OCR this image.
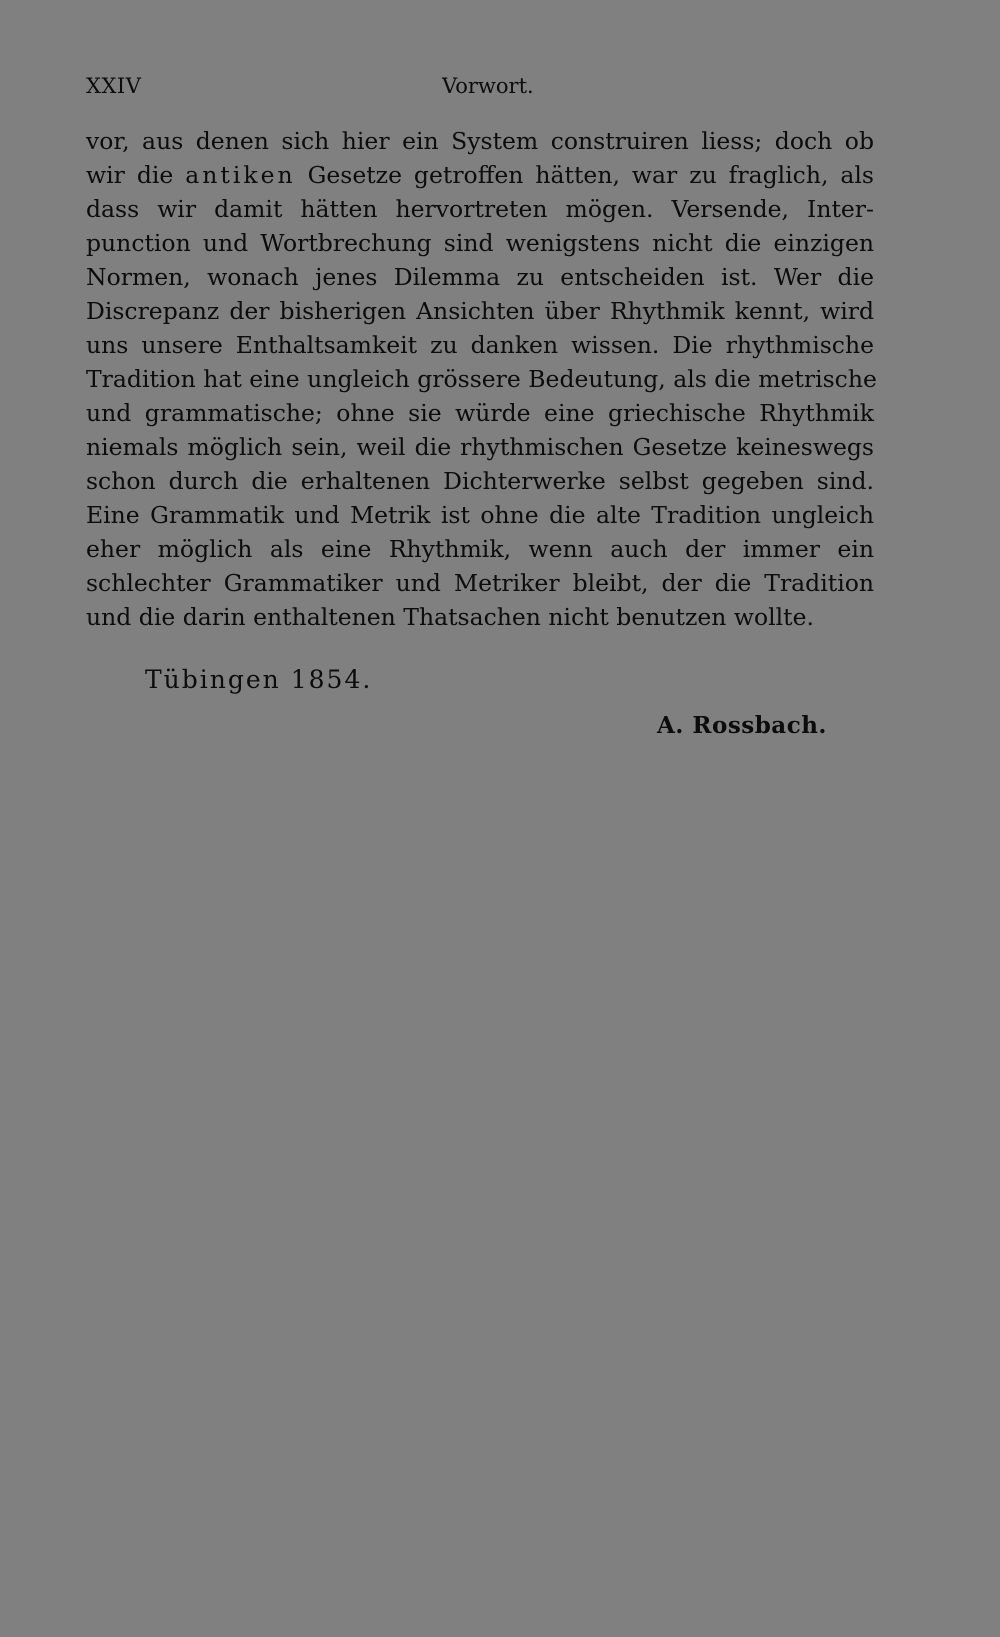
XXIV	Vorwort.
vor, aus denen sich hier ein System construiren liess; doch ob
wir die antiken Gesetze getroffen hätten, war zu fraglich, als
dass wir damit hätten hervortreten mögen. Versende, Inter-
punction und Wortbrechung sind wenigstens nicht die einzigen
Normen, wonach jenes Dilemma zu entscheiden ist. Wer die
Discrepanz der bisherigen Ansichten über Rhythmik kennt, wird
uns unsere Enthaltsamkeit zu danken wissen. Die rhythmische
Tradition hat eine ungleich grössere Bedeutung, als die metrische
und grammatische; ohne sie würde eine griechische Rhythmik
niemals möglich sein, weil die rhythmischen Gesetze keineswegs
schon durch die erhaltenen Dichterwerke selbst gegeben sind.
Eine Grammatik und Metrik ist ohne die alte Tradition ungleich
eher möglich als eine Rhythmik, wenn auch der immer ein
schlechter Grammatiker und Metriker bleibt, der die Tradition
und die darin enthaltenen Thatsachen nicht benutzen wollte.
Tübingen 1854.
A. Rossbach.
